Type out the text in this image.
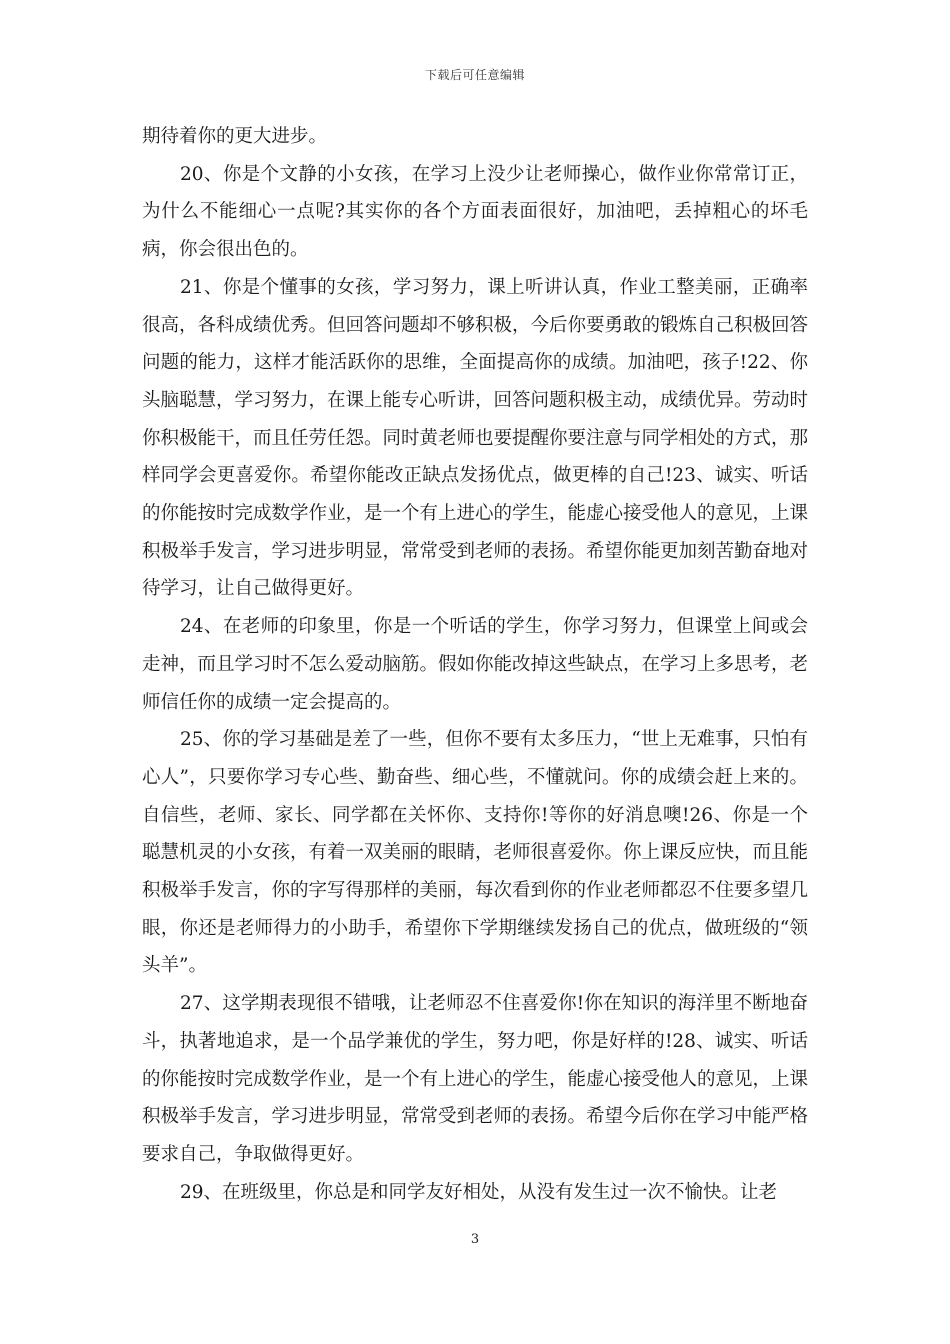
下载后可任意编辑

期待着你的更大进步。

20、你是个文静的小女孩，在学习上没少让老师操心，做作业你常常订正，为什么不能细心一点呢?其实你的各个方面表面很好，加油吧，丢掉粗心的坏毛病，你会很出色的。

21、你是个懂事的女孩，学习努力，课上听讲认真，作业工整美丽，正确率很高，各科成绩优秀。但回答问题却不够积极，今后你要勇敢的锻炼自己积极回答问题的能力，这样才能活跃你的思维，全面提高你的成绩。加油吧，孩子!22、你头脑聪慧，学习努力，在课上能专心听讲，回答问题积极主动，成绩优异。劳动时你积极能干，而且任劳任怨。同时黄老师也要提醒你要注意与同学相处的方式，那样同学会更喜爱你。希望你能改正缺点发扬优点，做更棒的自己!23、诚实、听话的你能按时完成数学作业，是一个有上进心的学生，能虚心接受他人的意见，上课积极举手发言，学习进步明显，常常受到老师的表扬。希望你能更加刻苦勤奋地对待学习，让自己做得更好。

24、在老师的印象里，你是一个听话的学生，你学习努力，但课堂上间或会走神，而且学习时不怎么爱动脑筋。假如你能改掉这些缺点，在学习上多思考，老师信任你的成绩一定会提高的。

25、你的学习基础是差了一些，但你不要有太多压力，“世上无难事，只怕有心人”，只要你学习专心些、勤奋些、细心些，不懂就问。你的成绩会赶上来的。自信些，老师、家长、同学都在关怀你、支持你!等你的好消息噢!26、你是一个聪慧机灵的小女孩，有着一双美丽的眼睛，老师很喜爱你。你上课反应快，而且能积极举手发言，你的字写得那样的美丽，每次看到你的作业老师都忍不住要多望几眼，你还是老师得力的小助手，希望你下学期继续发扬自己的优点，做班级的“领头羊”。

27、这学期表现很不错哦，让老师忍不住喜爱你!你在知识的海洋里不断地奋斗，执著地追求，是一个品学兼优的学生，努力吧，你是好样的!28、诚实、听话的你能按时完成数学作业，是一个有上进心的学生，能虚心接受他人的意见，上课积极举手发言，学习进步明显，常常受到老师的表扬。希望今后你在学习中能严格要求自己，争取做得更好。

29、在班级里，你总是和同学友好相处，从没有发生过一次不愉快。让老

3
